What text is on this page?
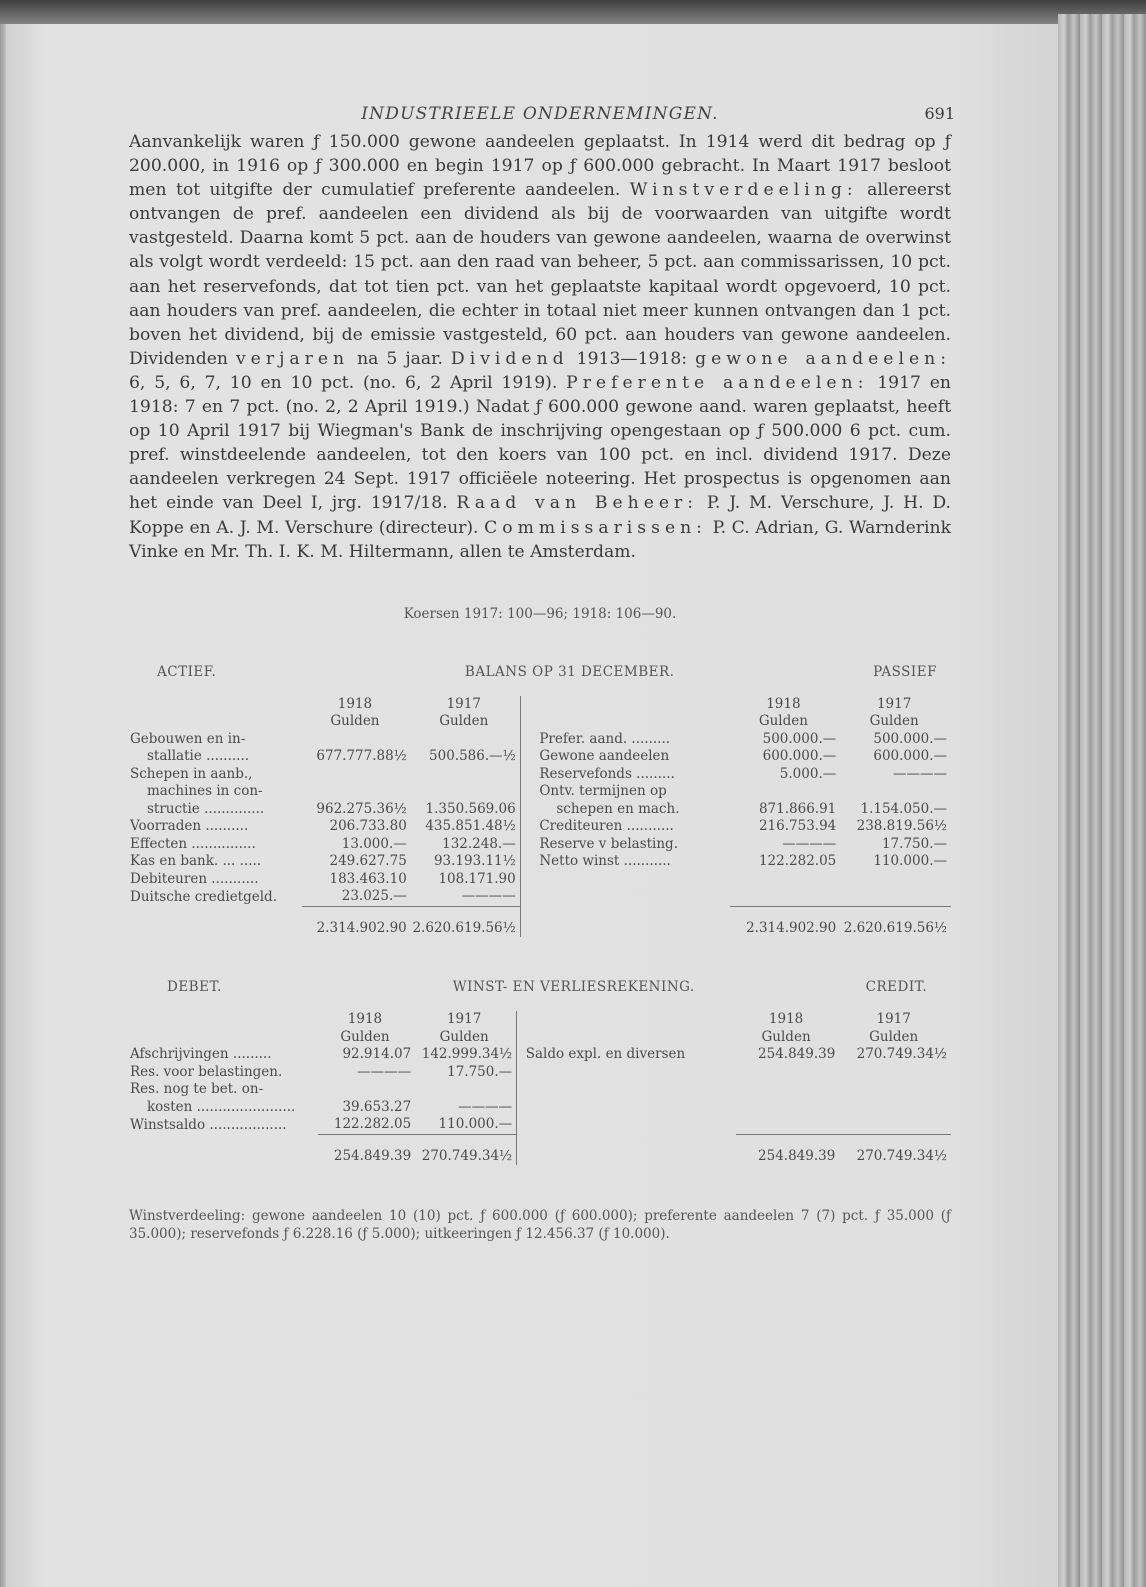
INDUSTRIEELE ONDERNEMINGEN.	691

Aanvankelijk waren ƒ 150.000 gewone aandeelen geplaatst. In 1914 werd dit bedrag op ƒ 200.000, in 1916 op ƒ 300.000 en begin 1917 op ƒ 600.000 gebracht. In Maart 1917 besloot men tot uitgifte der cumulatief preferente aandeelen. Winstverdeeling: allereerst ontvangen de pref. aandeelen een dividend als bij de voorwaarden van uitgifte wordt vastgesteld. Daarna komt 5 pct. aan de houders van gewone aandeelen, waarna de overwinst als volgt wordt verdeeld: 15 pct. aan den raad van beheer, 5 pct. aan commissarissen, 10 pct. aan het reservefonds, dat tot tien pct. van het geplaatste kapitaal wordt opgevoerd, 10 pct. aan houders van pref. aandeelen, die echter in totaal niet meer kunnen ontvangen dan 1 pct. boven het dividend, bij de emissie vastgesteld, 60 pct. aan houders van gewone aandeelen. Dividenden verjaren na 5 jaar. Dividend 1913—1918: gewone aandeelen: 6, 5, 6, 7, 10 en 10 pct. (no. 6, 2 April 1919). Preferente aandeelen: 1917 en 1918: 7 en 7 pct. (no. 2, 2 April 1919.) Nadat ƒ 600.000 gewone aand. waren geplaatst, heeft op 10 April 1917 bij Wiegman's Bank de inschrijving opengestaan op ƒ 500.000 6 pct. cum. pref. winstdeelende aandeelen, tot den koers van 100 pct. en incl. dividend 1917. Deze aandeelen verkregen 24 Sept. 1917 officiëele noteering. Het prospectus is opgenomen aan het einde van Deel I, jrg. 1917/18. Raad van Beheer: P. J. M. Verschure, J. H. D. Koppe en A. J. M. Verschure (directeur). Commissarissen: P. C. Adrian, G. Warnderink Vinke en Mr. Th. I. K. M. Hiltermann, allen te Amsterdam.

Koersen 1917: 100—96; 1918: 106—90.
ACTIEF.	BALANS OP 31 DECEMBER.	PASSIEF
	1918	1917			1918	1917
	Gulden	Gulden			Gulden	Gulden
Gebouwen en in-				Prefer. aand. .........	500.000.—	500.000.—
stallatie ..........	677.777.88½	500.586.—½		Gewone aandeelen	600.000.—	600.000.—
Schepen in aanb.,				Reservefonds .........	5.000.—	————
machines in con-				Ontv. termijnen op		
structie ..............	962.275.36½	1.350.569.06		schepen en mach.	871.866.91	1.154.050.—
Voorraden ..........	206.733.80	435.851.48½		Crediteuren ...........	216.753.94	238.819.56½
Effecten ...............	13.000.—	132.248.—		Reserve v belasting.	————	17.750.—
Kas en bank. ... .....	249.627.75	93.193.11½		Netto winst ...........	122.282.05	110.000.—
Debiteuren ...........	183.463.10	108.171.90				
Duitsche credietgeld.	23.025.—	————				
	2.314.902.90	2.620.619.56½			2.314.902.90	2.620.619.56½
DEBET.	WINST- EN VERLIESREKENING.	CREDIT.
	1918	1917			1918	1917
	Gulden	Gulden			Gulden	Gulden
Afschrijvingen .........	92.914.07	142.999.34½		Saldo expl. en diversen	254.849.39	270.749.34½
Res. voor belastingen.	————	17.750.—				
Res. nog te bet. on-						
kosten .......................	39.653.27	————				
Winstsaldo ..................	122.282.05	110.000.—				
	254.849.39	270.749.34½			254.849.39	270.749.34½

Winstverdeeling: gewone aandeelen 10 (10) pct. ƒ 600.000 (ƒ 600.000); preferente aandeelen 7 (7) pct. ƒ 35.000 (ƒ 35.000); reservefonds ƒ 6.228.16 (ƒ 5.000); uitkeeringen ƒ 12.456.37 (ƒ 10.000).
